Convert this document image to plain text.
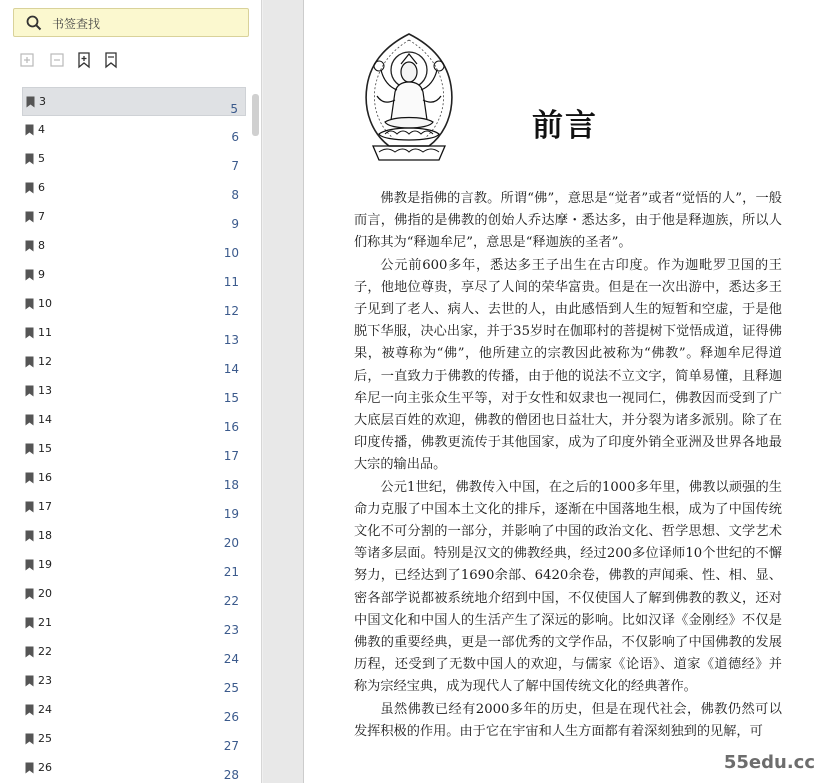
书签查找
3
5
4
6
5
7
6
8
7
9
8
10
9
11
10
12
11
13
12
14
13
15
14
16
15
17
16
18
17
19
18
20
19
21
20
22
21
23
22
24
23
25
24
26
25
27
26
28
前言

佛教是指佛的言教。所谓“佛”，意思是“觉者”或者“觉悟的人”，一般而言，佛指的是佛教的创始人乔达摩・悉达多，由于他是释迦族，所以人们称其为“释迦牟尼”，意思是“释迦族的圣者”。

公元前600多年，悉达多王子出生在古印度。作为迦毗罗卫国的王子，他地位尊贵，享尽了人间的荣华富贵。但是在一次出游中，悉达多王子见到了老人、病人、去世的人，由此感悟到人生的短暂和空虚，于是他脱下华服，决心出家，并于35岁时在伽耶村的菩提树下觉悟成道，证得佛果，被尊称为“佛”，他所建立的宗教因此被称为“佛教”。释迦牟尼得道后，一直致力于佛教的传播，由于他的说法不立文字，简单易懂，且释迦牟尼一向主张众生平等，对于女性和奴隶也一视同仁，佛教因而受到了广大底层百姓的欢迎，佛教的僧团也日益壮大，并分裂为诸多派别。除了在印度传播，佛教更流传于其他国家，成为了印度外销全亚洲及世界各地最大宗的输出品。

公元1世纪，佛教传入中国，在之后的1000多年里，佛教以顽强的生命力克服了中国本土文化的排斥，逐渐在中国落地生根，成为了中国传统文化不可分割的一部分，并影响了中国的政治文化、哲学思想、文学艺术等诸多层面。特别是汉文的佛教经典，经过200多位译师10个世纪的不懈努力，已经达到了1690余部、6420余卷，佛教的声闻乘、性、相、显、密各部学说都被系统地介绍到中国，不仅使国人了解到佛教的教义，还对中国文化和中国人的生活产生了深远的影响。比如汉译《金刚经》不仅是佛教的重要经典，更是一部优秀的文学作品，不仅影响了中国佛教的发展历程，还受到了无数中国人的欢迎，与儒家《论语》、道家《道德经》并称为宗经宝典，成为现代人了解中国传统文化的经典著作。

虽然佛教已经有2000多年的历史，但是在现代社会，佛教仍然可以发挥积极的作用。由于它在宇宙和人生方面都有着深刻独到的见解，可

55edu.cc
